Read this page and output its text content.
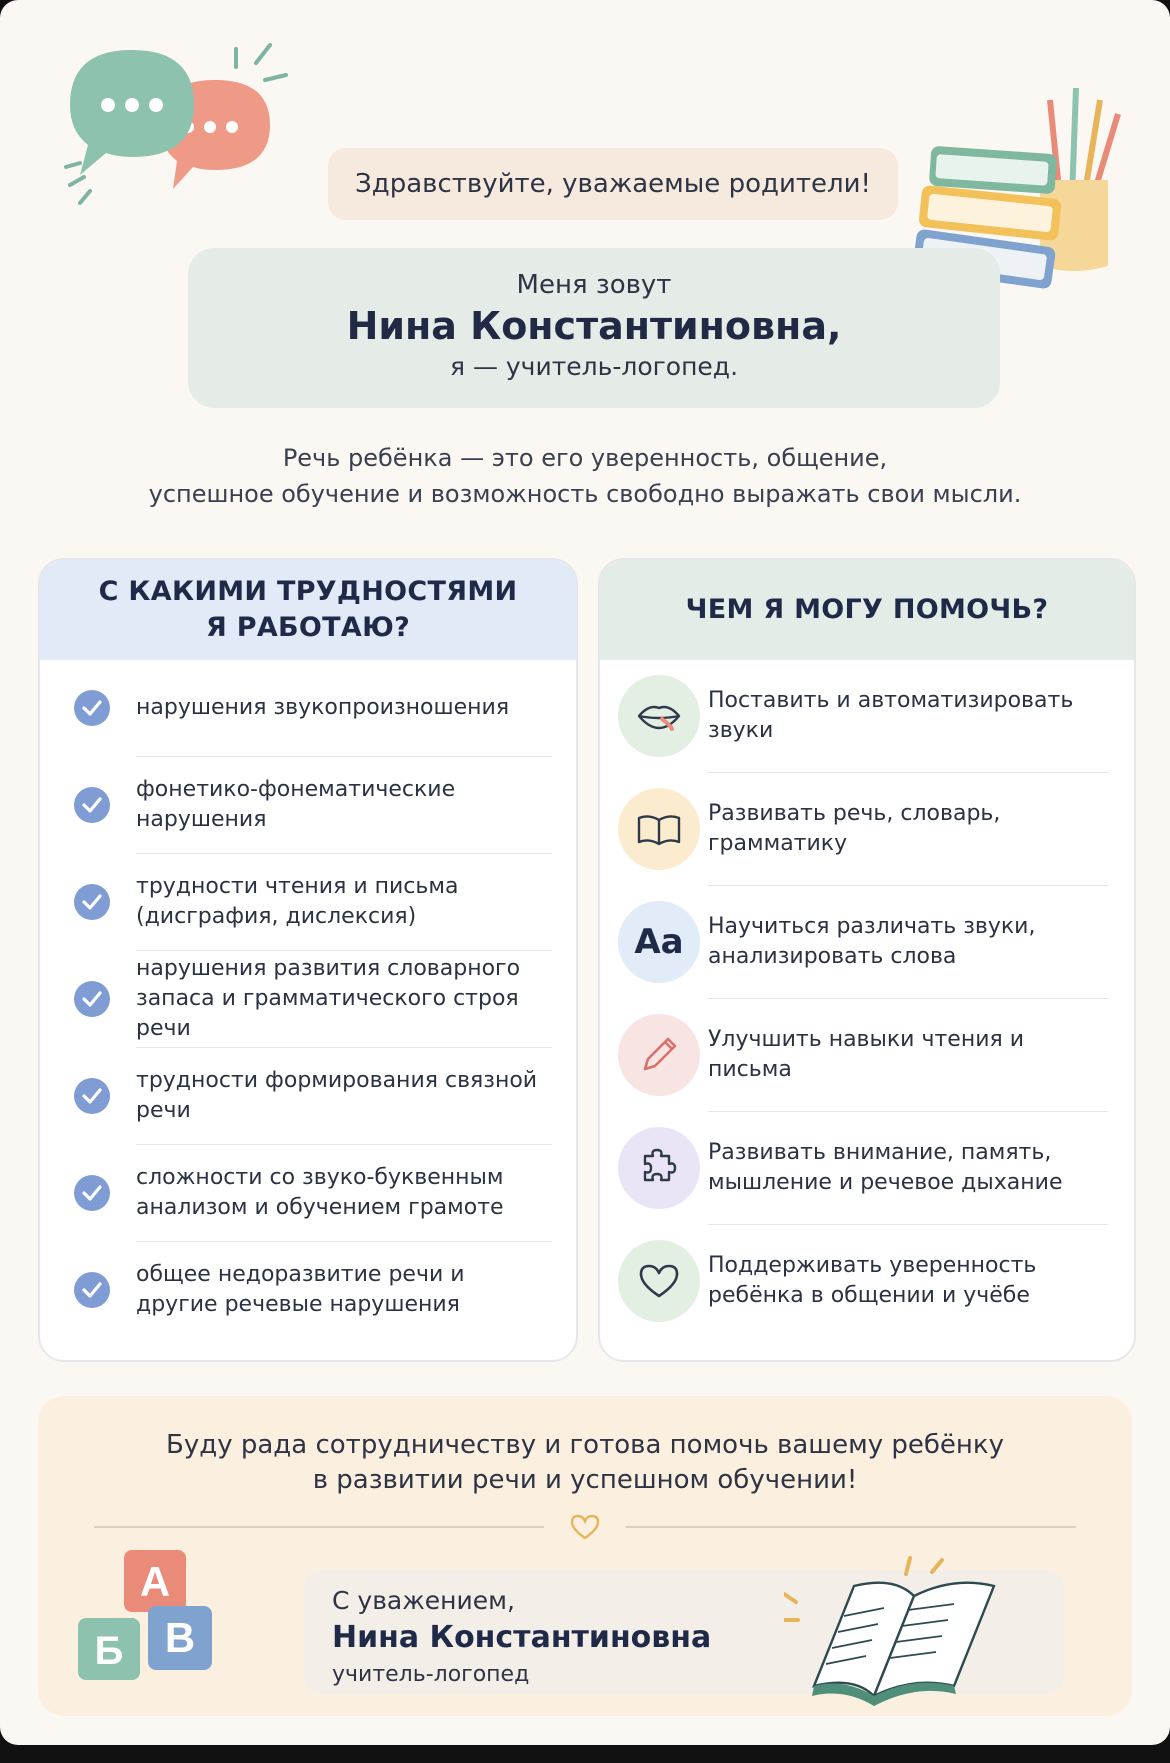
Здравствуйте, уважаемые родители!
Меня зовут
Нина Константиновна,
я — учитель-логопед.
Речь ребёнка — это его уверенность, общение,
успешное обучение и возможность свободно выражать свои мысли.
С КАКИМИ ТРУДНОСТЯМИ
Я РАБОТАЮ?
нарушения звукопроизношения
фонетико-фонематические нарушения
трудности чтения и письма (дисграфия, дислексия)
нарушения развития словарного запаса и грамматического строя речи
трудности формирования связной речи
сложности со звуко-буквенным анализом и обучением грамоте
общее недоразвитие речи и другие речевые нарушения
ЧЕМ Я МОГУ ПОМОЧЬ?
Поставить и автоматизировать звуки
Развивать речь, словарь, грамматику
Аа Научиться различать звуки, анализировать слова
Улучшить навыки чтения и письма
Развивать внимание, память, мышление и речевое дыхание
Поддерживать уверенность ребёнка в общении и учёбе
Буду рада сотрудничеству и готова помочь вашему ребёнку
в развитии речи и успешном обучении!
А
Б В
С уважением,
Нина Константиновна
учитель-логопед
